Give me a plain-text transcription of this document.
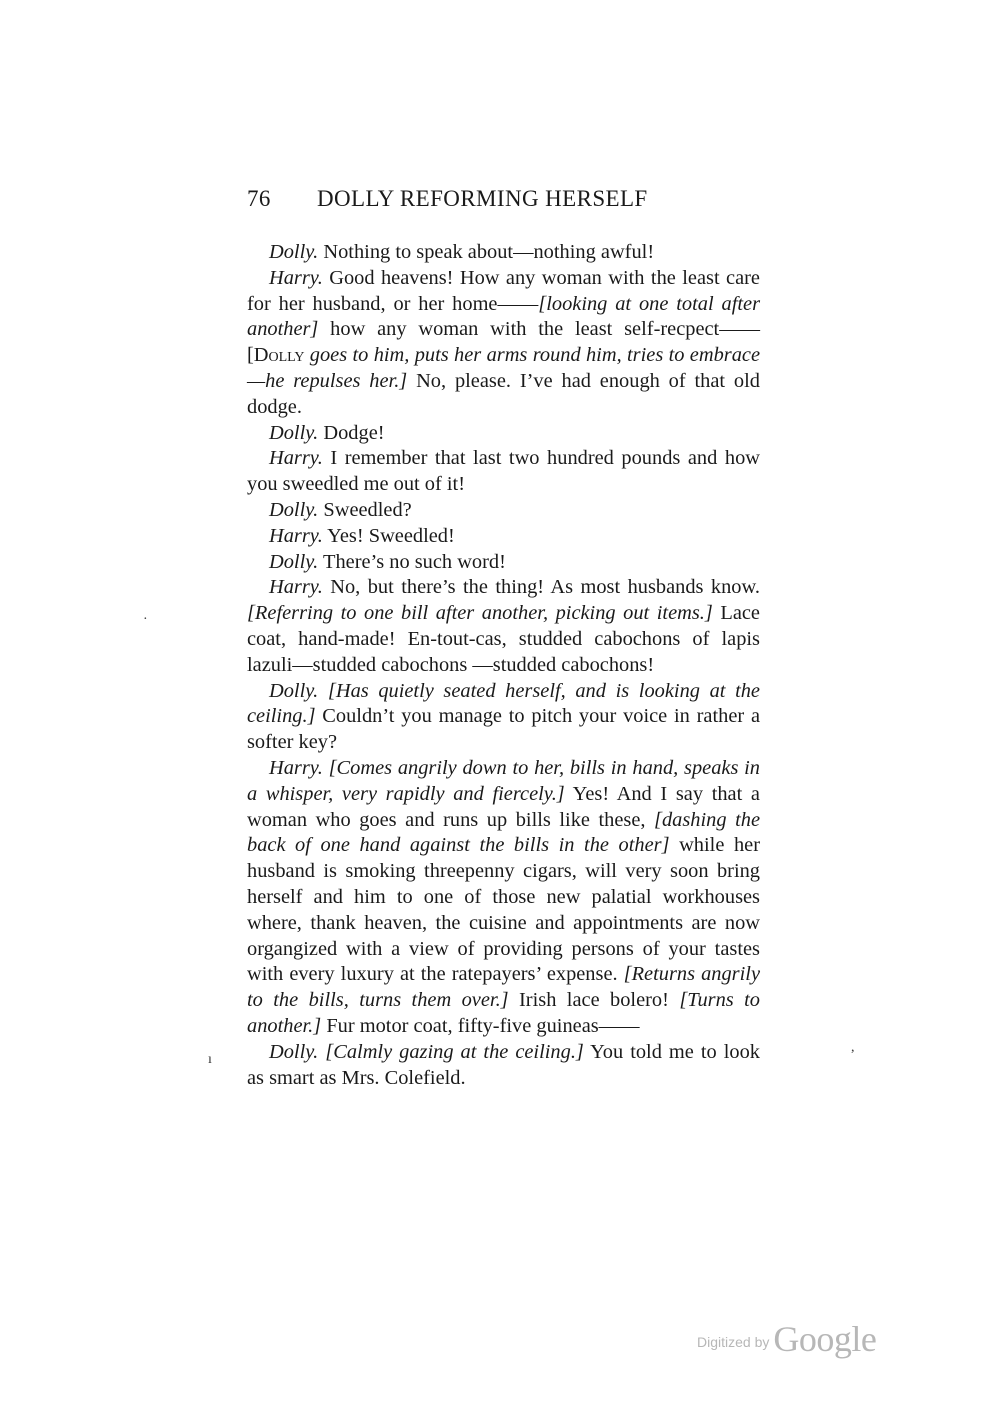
76 DOLLY REFORMING HERSELF

Dolly. Nothing to speak about—nothing awful!

Harry. Good heavens! How any woman with the least care for her husband, or her home——[looking at one total after another] how any woman with the least self-recpect——[Dolly goes to him, puts her arms round him, tries to embrace—he repulses her.] No, please. I’ve had enough of that old dodge.

Dolly. Dodge!

Harry. I remember that last two hundred pounds and how you sweedled me out of it!

Dolly. Sweedled?

Harry. Yes! Sweedled!

Dolly. There’s no such word!

Harry. No, but there’s the thing! As most husbands know. [Referring to one bill after another, picking out items.] Lace coat, hand-made! En-tout-cas, studded cabochons of lapis lazuli—studded cabochons —studded cabochons!

Dolly. [Has quietly seated herself, and is looking at the ceiling.] Couldn’t you manage to pitch your voice in rather a softer key?

Harry. [Comes angrily down to her, bills in hand, speaks in a whisper, very rapidly and fiercely.] Yes! And I say that a woman who goes and runs up bills like these, [dashing the back of one hand against the bills in the other] while her husband is smoking threepenny cigars, will very soon bring herself and him to one of those new palatial workhouses where, thank heaven, the cuisine and appointments are now organgized with a view of providing persons of your tastes with every luxury at the ratepayers’ expense. [Returns angrily to the bills, turns them over.] Irish lace bolero! [Turns to another.] Fur motor coat, fifty-five guineas——

Dolly. [Calmly gazing at the ceiling.] You told me to look as smart as Mrs. Colefield.

·
ı
,
Digitized by Google
